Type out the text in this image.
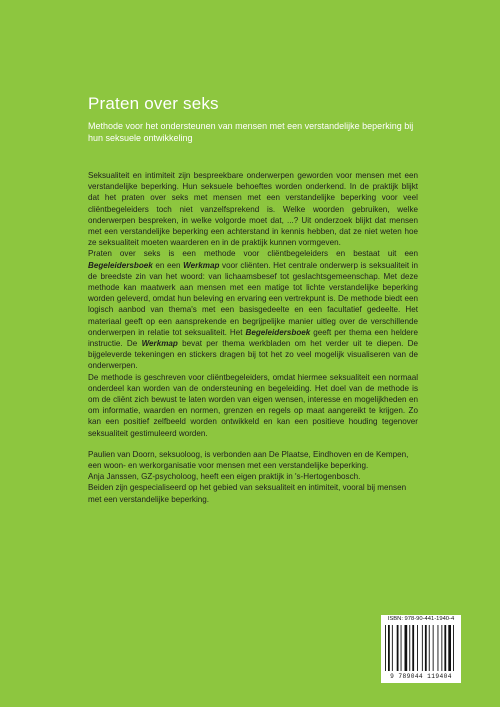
Praten over seks
Methode voor het ondersteunen van mensen met een verstandelijke beperking bij hun seksuele ontwikkeling

Seksualiteit en intimiteit zijn bespreekbare onderwerpen geworden voor mensen met een verstandelijke beperking. Hun seksuele behoeftes worden onderkend. In de praktijk blijkt dat het praten over seks met mensen met een verstandelijke beperking voor veel cliëntbegeleiders toch niet vanzelfsprekend is. Welke woorden gebruiken, welke onderwerpen bespreken, in welke volgorde moet dat, ...? Uit onderzoek blijkt dat mensen met een verstandelijke beperking een achterstand in kennis hebben, dat ze niet weten hoe ze seksualiteit moeten waarderen en in de praktijk kunnen vormgeven.

Praten over seks is een methode voor cliëntbegeleiders en bestaat uit een Begeleidersboek en een Werkmap voor cliënten. Het centrale onderwerp is seksualiteit in de breedste zin van het woord: van lichaamsbesef tot geslachtsgemeenschap. Met deze methode kan maatwerk aan mensen met een matige tot lichte verstandelijke beperking worden geleverd, omdat hun beleving en ervaring een vertrekpunt is. De methode biedt een logisch aanbod van thema's met een basisgedeelte en een facultatief gedeelte. Het materiaal geeft op een aansprekende en begrijpelijke manier uitleg over de verschillende onderwerpen in relatie tot seksualiteit. Het Begeleidersboek geeft per thema een heldere instructie. De Werkmap bevat per thema werkbladen om het verder uit te diepen. De bijgeleverde tekeningen en stickers dragen bij tot het zo veel mogelijk visualiseren van de onderwerpen.

De methode is geschreven voor cliëntbegeleiders, omdat hiermee seksualiteit een normaal onderdeel kan worden van de ondersteuning en begeleiding. Het doel van de methode is om de cliënt zich bewust te laten worden van eigen wensen, interesse en mogelijkheden en om informatie, waarden en normen, grenzen en regels op maat aangereikt te krijgen. Zo kan een positief zelfbeeld worden ontwikkeld en kan een positieve houding tegenover seksualiteit gestimuleerd worden.

Paulien van Doorn, seksuoloog, is verbonden aan De Plaatse, Eindhoven en de Kempen, een woon- en werkorganisatie voor mensen met een verstandelijke beperking.

Anja Janssen, GZ-psycholoog, heeft een eigen praktijk in 's-Hertogenbosch.

Beiden zijn gespecialiseerd op het gebied van seksualiteit en intimiteit, vooral bij mensen met een verstandelijke beperking.

ISBN: 978-90-441-1940-4
9 789044 119404
